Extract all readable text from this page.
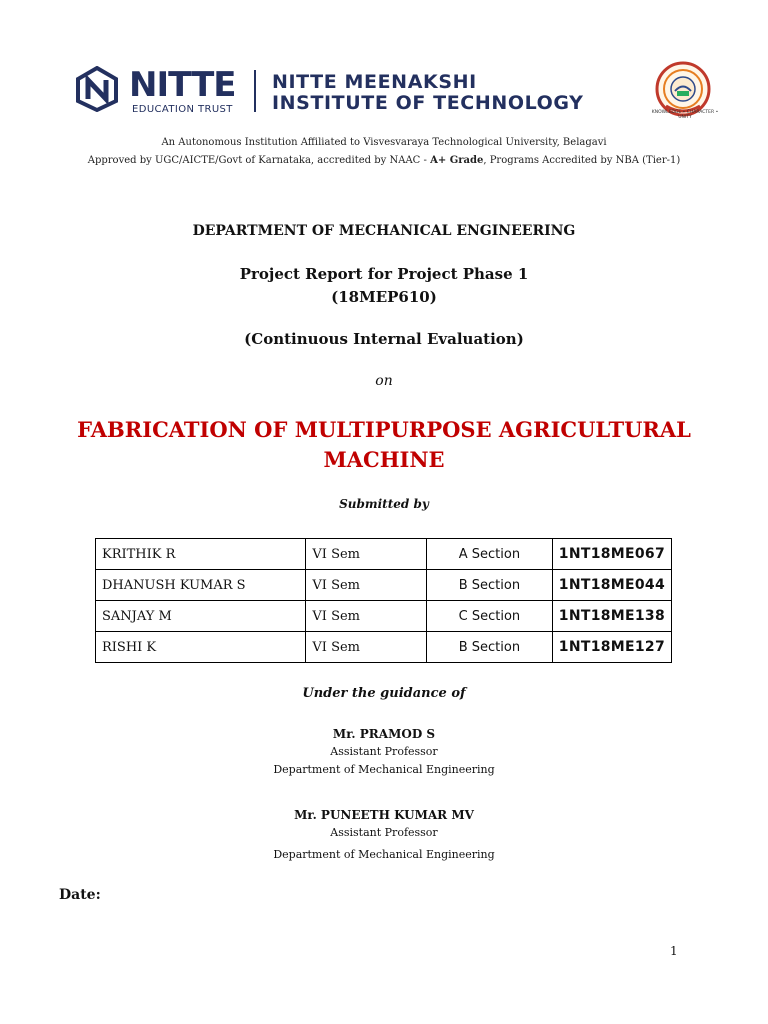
NITTE
EDUCATION TRUST
NITTE MEENAKSHI
INSTITUTE OF TECHNOLOGY	KNOWLEDGE • CHARACTER • UNITY
An Autonomous Institution Affiliated to Visvesvaraya Technological University, Belagavi
Approved by UGC/AICTE/Govt of Karnataka, accredited by NAAC - A+ Grade, Programs Accredited by NBA (Tier-1)
DEPARTMENT OF MECHANICAL ENGINEERING
Project Report for Project Phase 1
(18MEP610)
(Continuous Internal Evaluation)
on
FABRICATION OF MULTIPURPOSE AGRICULTURAL
MACHINE
Submitted by
KRITHIK R	VI Sem	A Section	1NT18ME067
DHANUSH KUMAR S	VI Sem	B Section	1NT18ME044
SANJAY M	VI Sem	C Section	1NT18ME138
RISHI K	VI Sem	B Section	1NT18ME127
Under the guidance of
Mr. PRAMOD S
Assistant Professor
Department of Mechanical Engineering
Mr. PUNEETH KUMAR MV
Assistant Professor
Department of Mechanical Engineering
Date:
1
